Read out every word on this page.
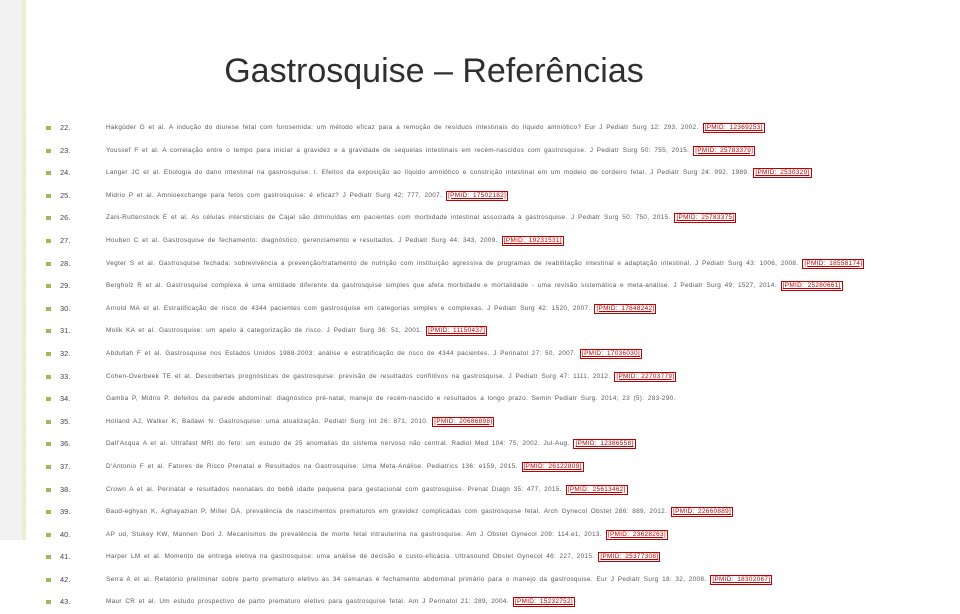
Gastrosquise – Referências
22.	Hakgüder G et al. A indução do diurese fetal com furosemida: um método eficaz para a remoção de resíduos intestinais do líquido amniótico? Eur J Pediatr Surg 12: 293, 2002. [PMID: 12369253]
23.	Youssef F et al. A correlação entre o tempo para iniciar a gravidez e a gravidade de sequelas intestinais em recém-nascidos com gastrosquise. J Pediatr Surg 50: 755, 2015. [PMID: 25783379]
24.	Langer JC et al. Etiologia do dano intestinal na gastrosquise. I. Efeitos da exposição ao líquido amniótico e constrição intestinal em um modelo de cordeiro fetal. J Pediatr Surg 24: 992, 1989. [PMID: 2530329]
25.	Midrio P et al. Amnioexchange para fetos com gastrosquise: é eficaz? J Pediatr Surg 42: 777, 2007. [PMID: 17502182]
26.	Zani-Ruttenstock E et al. As células intersticiais de Cajal são diminuídas em pacientes com morbidade intestinal associada à gastrosquise. J Pediatr Surg 50: 750, 2015. [PMID: 25783375]
27.	Houben C et al. Gastrosquise de fechamento: diagnóstico, gerenciamento e resultados. J Pediatr Surg 44: 343, 2009. [PMID: 19231531]
28.	Vegter S et al. Gastrosquise fechada: sobrevivência a prevenção/tratamento de nutrição com instituição agressiva de programas de reabilitação intestinal e adaptação intestinal. J Pediatr Surg 43: 1006, 2008. [PMID: 18558174]
29.	Bergholz R et al. Gastrosquise complexa é uma entidade diferente da gastrosquise simples que afeta morbidade e mortalidade - uma revisão sistemática e meta-análise. J Pediatr Surg 49: 1527, 2014. [PMID: 25280661]
30.	Arnold MA et al. Estratificação de risco de 4344 pacientes com gastrosquise em categorias simples e complexas. J Pediatr Surg 42: 1520, 2007. [PMID: 17848242]
31.	Molik KA et al. Gastrosquise: um apelo à categorização de risco. J Pediatr Surg 36: 51, 2001. [PMID: 11150437]
32.	Abdullah F et al. Gastrosquise nos Estados Unidos 1988-2003: análise e estratificação de risco de 4344 pacientes. J Perinatol 27: 50, 2007. [PMID: 17036030]
33.	Cohen-Overbeek TE et al. Descobertas prognósticas de gastrosquise: previsão de resultados conflitivos na gastrosquise. J Pediatr Surg 47: 1111, 2012. [PMID: 22703779]
34.	Gamba P, Midrio P. defeitos da parede abdominal: diagnóstico pré-natal, manejo de recém-nascido e resultados a longo prazo. Semin Pediatr Surg. 2014; 23 (5): 283-290.
35.	Holland AJ, Walker K, Badawi N. Gastrosquise: uma atualização. Pediatr Surg Int 26: 871, 2010. [PMID: 20686898]
36.	Dall'Acqua A et al. Ultrafast MRI do feto: um estudo de 25 anomalias do sistema nervoso não central. Radiol Med 104: 75, 2002. Jul-Aug. [PMID: 12386558]
37.	D'Antonio F et al. Fatores de Risco Prenatal e Resultados na Gastrosquise: Uma Meta-Análise. Pediatrics 136: e159, 2015. [PMID: 26122809]
38.	Crown A et al. Perinatal e resultados neonatais do bebê idade pequena para gestacional com gastrosquise. Prenat Diagn 35: 477, 2015. [PMID: 25613462]
39.	Baud-eghyan K, Aghayazian P, Miller DA. prevalência de nascimentos prematuros em gravidez complicadas com gastrosquise fetal. Arch Gynecol Obstet 286: 889, 2012. [PMID: 22660889]
40.	AP ud, Stukey KW, Mannen Dori J. Mecanismos de prevalência de morte fetal intrauterina na gastrosquise. Am J Obstet Gynecol 209: 114.e1, 2013. [PMID: 23628263]
41.	Harper LM et al. Momento de entrega eletiva na gastrosquise: uma análise de decisão e custo-eficácia. Ultrasound Obstet Gynecol 46: 227, 2015. [PMID: 25377308]
42.	Serra A et al. Relatório preliminar sobre parto prematuro eletivo às 34 semanas e fechamento abdominal primário para o manejo da gastrosquise. Eur J Pediatr Surg 18: 32, 2008. [PMID: 18302067]
43.	Maur CR et al. Um estudo prospectivo de parto prematuro eletivo para gastrosquise fetal. Am J Perinatol 21: 289, 2004. [PMID: 15232752]
